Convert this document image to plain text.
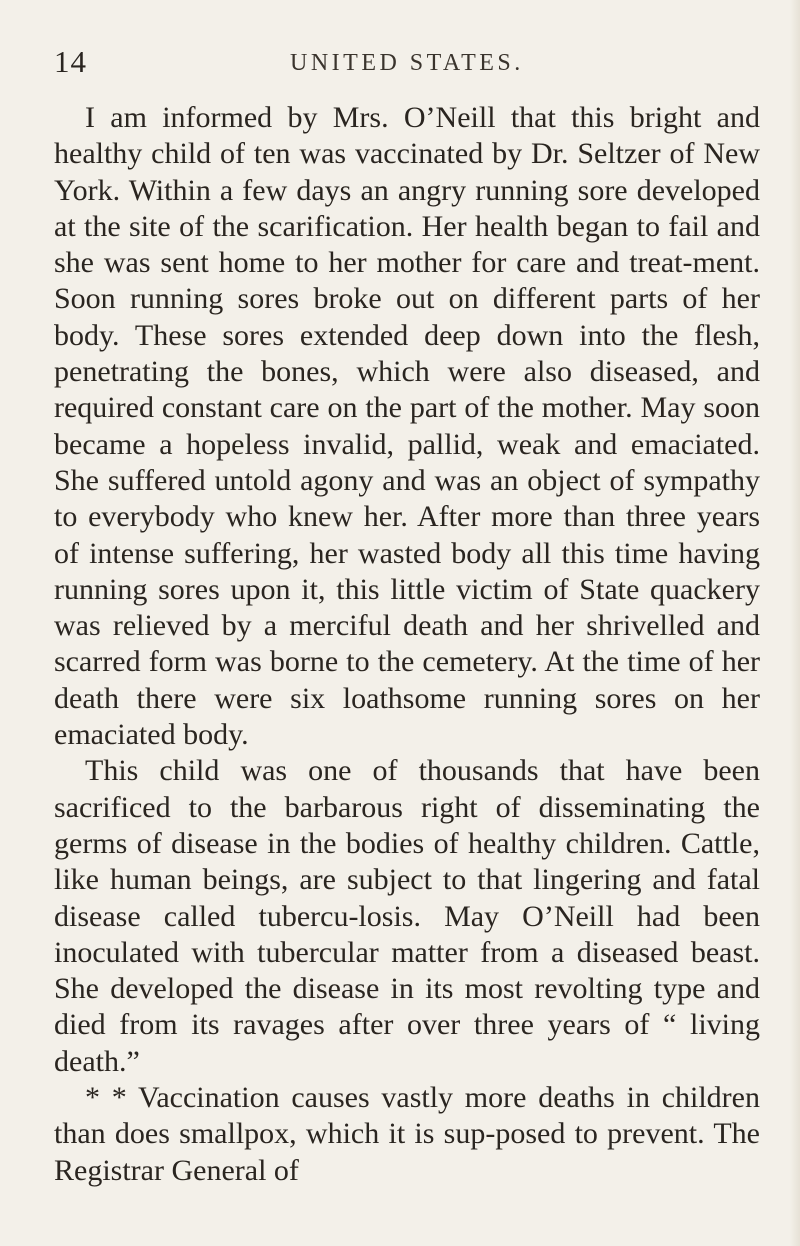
14	UNITED STATES.

I am informed by Mrs. O’Neill that this bright and healthy child of ten was vaccinated by Dr. Seltzer of New York. Within a few days an angry running sore developed at the site of the scarification. Her health began to fail and she was sent home to her mother for care and treat-ment. Soon running sores broke out on different parts of her body. These sores extended deep down into the flesh, penetrating the bones, which were also diseased, and required constant care on the part of the mother. May soon became a hopeless invalid, pallid, weak and emaciated. She suffered untold agony and was an object of sympathy to everybody who knew her. After more than three years of intense suffering, her wasted body all this time having running sores upon it, this little victim of State quackery was relieved by a merciful death and her shrivelled and scarred form was borne to the cemetery. At the time of her death there were six loathsome running sores on her emaciated body.

This child was one of thousands that have been sacrificed to the barbarous right of disseminating the germs of disease in the bodies of healthy children. Cattle, like human beings, are subject to that lingering and fatal disease called tubercu-losis. May O’Neill had been inoculated with tubercular matter from a diseased beast. She developed the disease in its most revolting type and died from its ravages after over three years of “ living death.”

* * Vaccination causes vastly more deaths in children than does smallpox, which it is sup-posed to prevent. The Registrar General of
